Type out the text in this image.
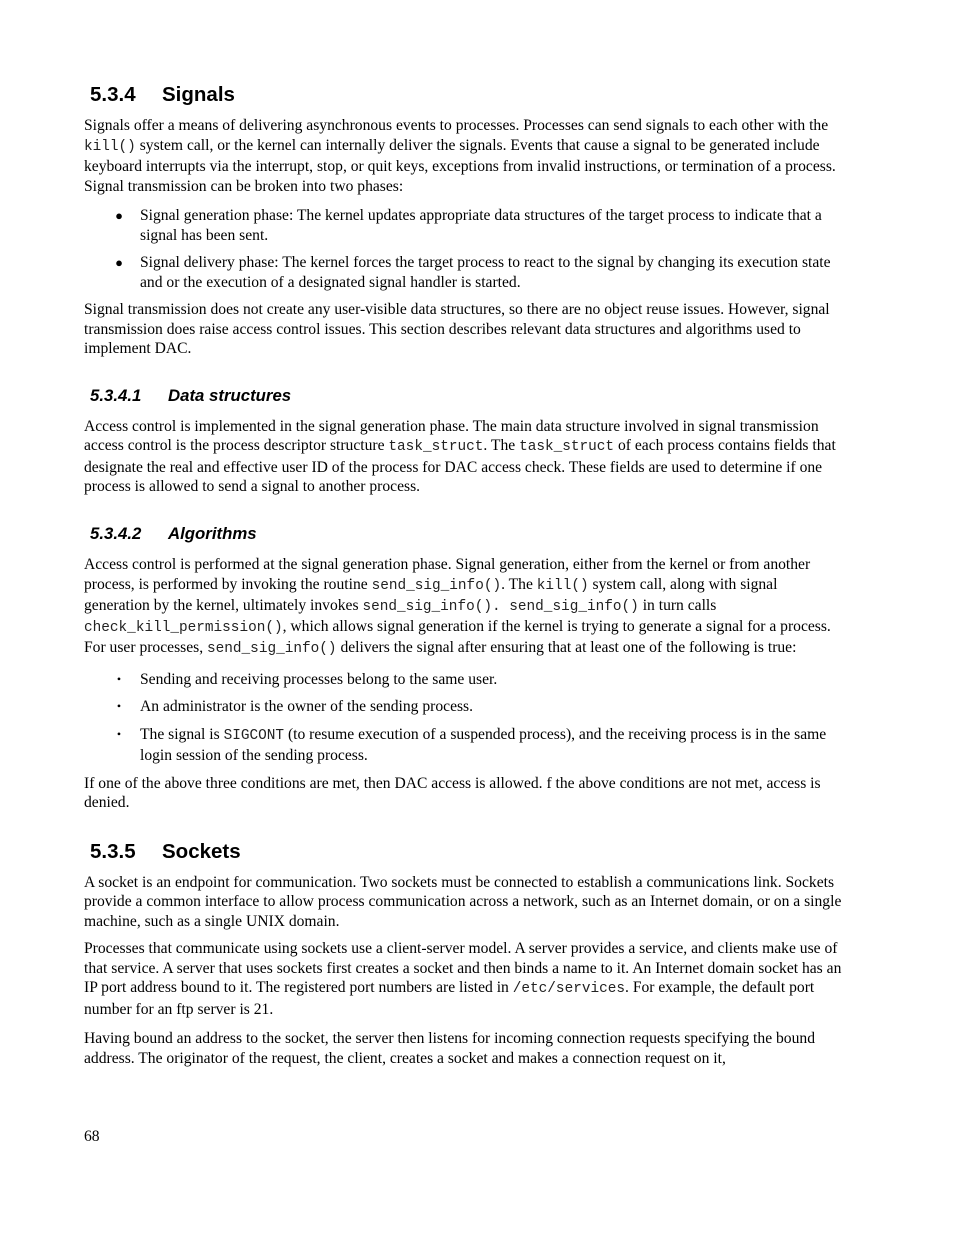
5.3.4 Signals

Signals offer a means of delivering asynchronous events to processes. Processes can send signals to each other with the kill() system call, or the kernel can internally deliver the signals. Events that cause a signal to be generated include keyboard interrupts via the interrupt, stop, or quit keys, exceptions from invalid instructions, or termination of a process. Signal transmission can be broken into two phases:

● Signal generation phase: The kernel updates appropriate data structures of the target process to indicate that a signal has been sent.
● Signal delivery phase: The kernel forces the target process to react to the signal by changing its execution state and or the execution of a designated signal handler is started.

Signal transmission does not create any user-visible data structures, so there are no object reuse issues. However, signal transmission does raise access control issues. This section describes relevant data structures and algorithms used to implement DAC.

5.3.4.1 Data structures

Access control is implemented in the signal generation phase. The main data structure involved in signal transmission access control is the process descriptor structure task_struct. The task_struct of each process contains fields that designate the real and effective user ID of the process for DAC access check. These fields are used to determine if one process is allowed to send a signal to another process.

5.3.4.2 Algorithms

Access control is performed at the signal generation phase. Signal generation, either from the kernel or from another process, is performed by invoking the routine send_sig_info(). The kill() system call, along with signal generation by the kernel, ultimately invokes send_sig_info(). send_sig_info() in turn calls check_kill_permission(), which allows signal generation if the kernel is trying to generate a signal for a process. For user processes, send_sig_info() delivers the signal after ensuring that at least one of the following is true:

•	Sending and receiving processes belong to the same user.
•	An administrator is the owner of the sending process.
•	The signal is SIGCONT (to resume execution of a suspended process), and the receiving process is in the same login session of the sending process.

If one of the above three conditions are met, then DAC access is allowed. f the above conditions are not met, access is denied.

5.3.5 Sockets

A socket is an endpoint for communication. Two sockets must be connected to establish a communications link. Sockets provide a common interface to allow process communication across a network, such as an Internet domain, or on a single machine, such as a single UNIX domain.

Processes that communicate using sockets use a client-server model. A server provides a service, and clients make use of that service. A server that uses sockets first creates a socket and then binds a name to it. An Internet domain socket has an IP port address bound to it. The registered port numbers are listed in /etc/services. For example, the default port number for an ftp server is 21.

Having bound an address to the socket, the server then listens for incoming connection requests specifying the bound address. The originator of the request, the client, creates a socket and makes a connection request on it,

68
